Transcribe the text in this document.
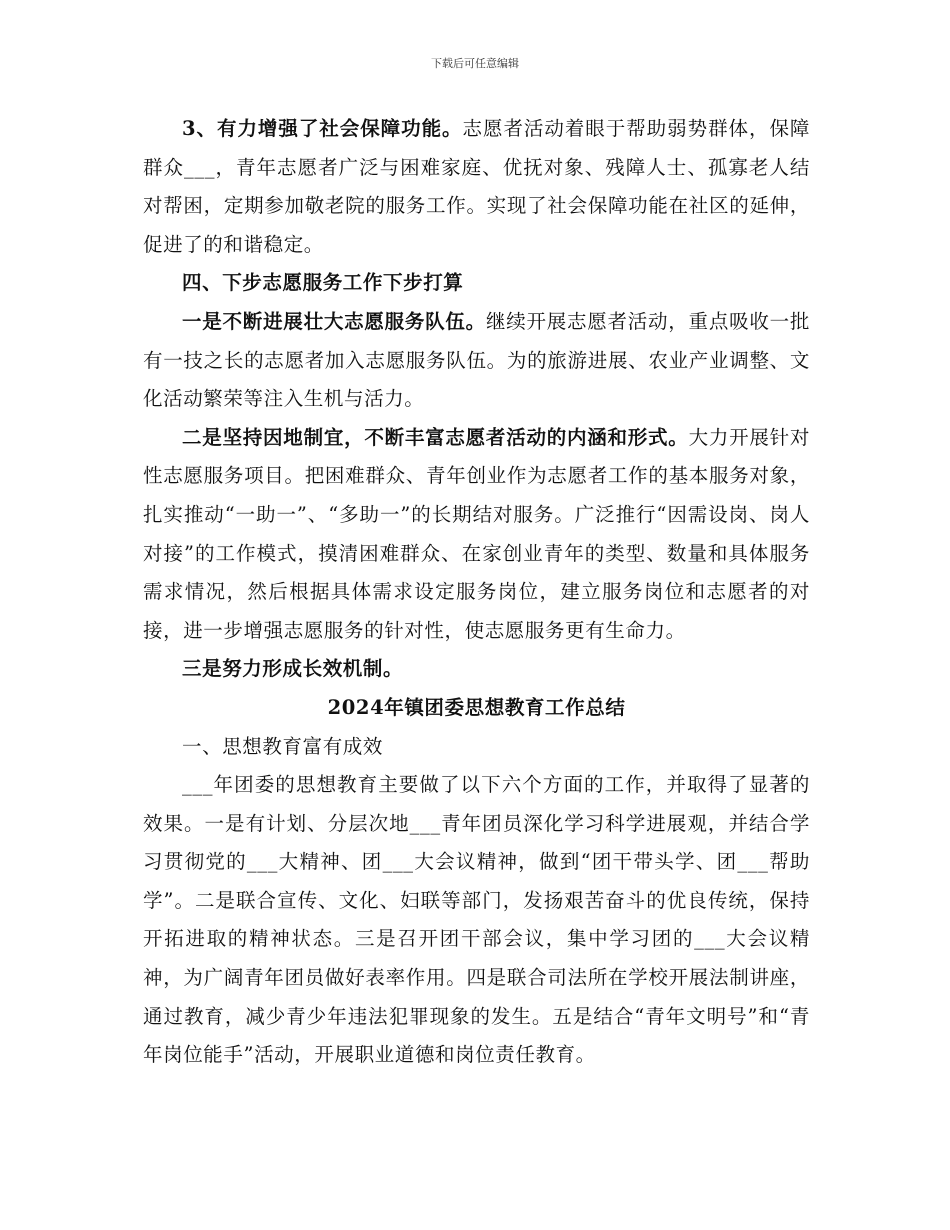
下载后可任意编辑

3、有力增强了社会保障功能。志愿者活动着眼于帮助弱势群体，保障群众___，青年志愿者广泛与困难家庭、优抚对象、残障人士、孤寡老人结对帮困，定期参加敬老院的服务工作。实现了社会保障功能在社区的延伸，促进了的和谐稳定。

四、下步志愿服务工作下步打算

一是不断进展壮大志愿服务队伍。继续开展志愿者活动，重点吸收一批有一技之长的志愿者加入志愿服务队伍。为的旅游进展、农业产业调整、文化活动繁荣等注入生机与活力。

二是坚持因地制宜，不断丰富志愿者活动的内涵和形式。大力开展针对性志愿服务项目。把困难群众、青年创业作为志愿者工作的基本服务对象，扎实推动“一助一”、“多助一”的长期结对服务。广泛推行“因需设岗、岗人对接”的工作模式，摸清困难群众、在家创业青年的类型、数量和具体服务需求情况，然后根据具体需求设定服务岗位，建立服务岗位和志愿者的对接，进一步增强志愿服务的针对性，使志愿服务更有生命力。

三是努力形成长效机制。

2024年镇团委思想教育工作总结

一、思想教育富有成效

___年团委的思想教育主要做了以下六个方面的工作，并取得了显著的效果。一是有计划、分层次地___青年团员深化学习科学进展观，并结合学习贯彻党的___大精神、团___大会议精神，做到“团干带头学、团___帮助学”。二是联合宣传、文化、妇联等部门，发扬艰苦奋斗的优良传统，保持开拓进取的精神状态。三是召开团干部会议，集中学习团的___大会议精神，为广阔青年团员做好表率作用。四是联合司法所在学校开展法制讲座，通过教育，减少青少年违法犯罪现象的发生。五是结合“青年文明号”和“青年岗位能手”活动，开展职业道德和岗位责任教育。
